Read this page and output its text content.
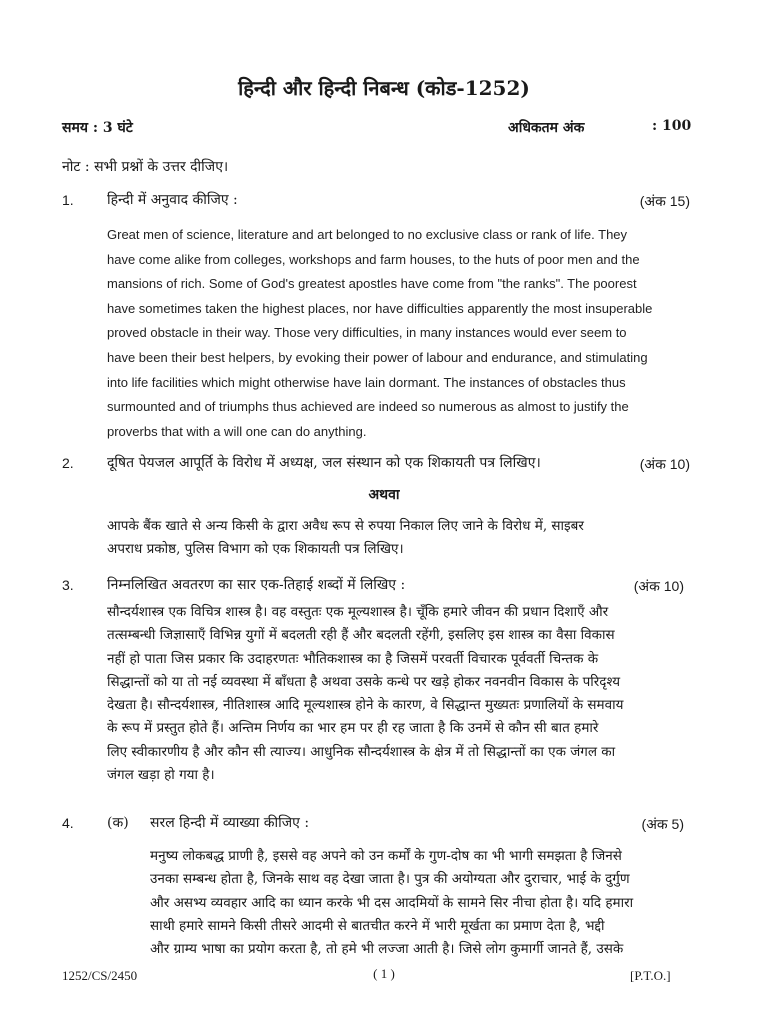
हिन्दी और हिन्दी निबन्ध (कोड-1252)
समय : 3 घंटे	अधिकतम अंक	: 100
नोट : सभी प्रश्नों के उत्तर दीजिए।
1. हिन्दी में अनुवाद कीजिए :	(अंक 15)

Great men of science, literature and art belonged to no exclusive class or rank of life. They

have come alike from colleges, workshops and farm houses, to the huts of poor men and the

mansions of rich. Some of God's greatest apostles have come from "the ranks". The poorest

have sometimes taken the highest places, nor have difficulties apparently the most insuperable

proved obstacle in their way. Those very difficulties, in many instances would ever seem to

have been their best helpers, by evoking their power of labour and endurance, and stimulating

into life facilities which might otherwise have lain dormant. The instances of obstacles thus

surmounted and of triumphs thus achieved are indeed so numerous as almost to justify the

proverbs that with a will one can do anything.

2. दूषित पेयजल आपूर्ति के विरोध में अध्यक्ष, जल संस्थान को एक शिकायती पत्र लिखिए।	(अंक 10)
अथवा

आपके बैंक खाते से अन्य किसी के द्वारा अवैध रूप से रुपया निकाल लिए जाने के विरोध में, साइबर

अपराध प्रकोष्ठ, पुलिस विभाग को एक शिकायती पत्र लिखिए।

3. निम्नलिखित अवतरण का सार एक-तिहाई शब्दों में लिखिए :	(अंक 10)

सौन्दर्यशास्त्र एक विचित्र शास्त्र है। वह वस्तुतः एक मूल्यशास्त्र है। चूँकि हमारे जीवन की प्रधान दिशाएँ और

तत्सम्बन्धी जिज्ञासाएँ विभिन्न युगों में बदलती रही हैं और बदलती रहेंगी, इसलिए इस शास्त्र का वैसा विकास

नहीं हो पाता जिस प्रकार कि उदाहरणतः भौतिकशास्त्र का है जिसमें परवर्ती विचारक पूर्ववर्ती चिन्तक के

सिद्धान्तों को या तो नई व्यवस्था में बाँधता है अथवा उसके कन्धे पर खड़े होकर नवनवीन विकास के परिदृश्य

देखता है। सौन्दर्यशास्त्र, नीतिशास्त्र आदि मूल्यशास्त्र होने के कारण, वे सिद्धान्त मुख्यतः प्रणालियों के समवाय

के रूप में प्रस्तुत होते हैं। अन्तिम निर्णय का भार हम पर ही रह जाता है कि उनमें से कौन सी बात हमारे

लिए स्वीकारणीय है और कौन सी त्याज्य। आधुनिक सौन्दर्यशास्त्र के क्षेत्र में तो सिद्धान्तों का एक जंगल का

जंगल खड़ा हो गया है।

4. (क) सरल हिन्दी में व्याख्या कीजिए :	(अंक 5)

मनुष्य लोकबद्ध प्राणी है, इससे वह अपने को उन कर्मों के गुण-दोष का भी भागी समझता है जिनसे

उनका सम्बन्ध होता है, जिनके साथ वह देखा जाता है। पुत्र की अयोग्यता और दुराचार, भाई के दुर्गुण

और असभ्य व्यवहार आदि का ध्यान करके भी दस आदमियों के सामने सिर नीचा होता है। यदि हमारा

साथी हमारे सामने किसी तीसरे आदमी से बातचीत करने में भारी मूर्खता का प्रमाण देता है, भद्दी

और ग्राम्य भाषा का प्रयोग करता है, तो हमे भी लज्जा आती है। जिसे लोग कुमार्गी जानते हैं, उसके

1252/CS/2450	( 1 )	[P.T.O.]
